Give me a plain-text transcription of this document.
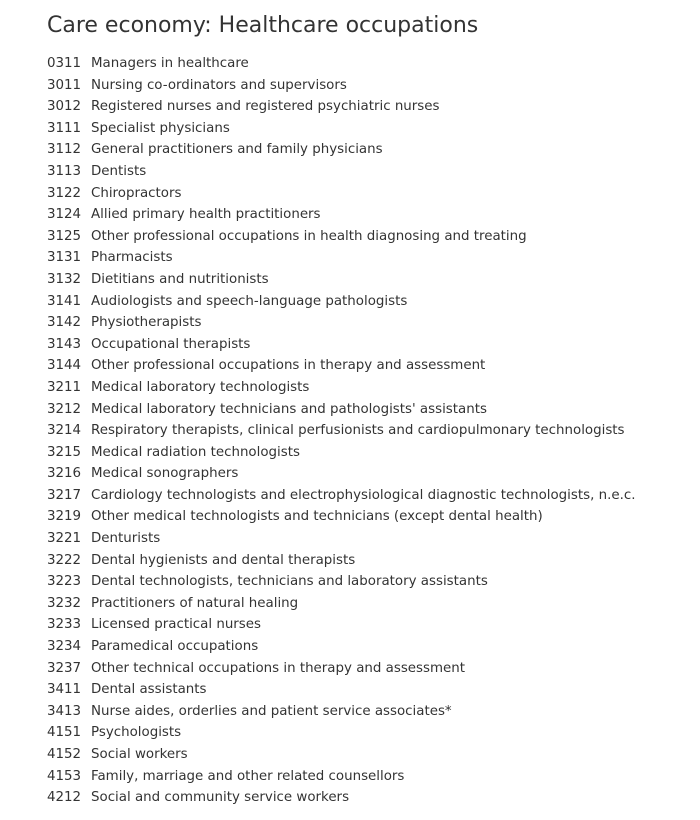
Care economy: Healthcare occupations
0311 Managers in healthcare
3011 Nursing co-ordinators and supervisors
3012 Registered nurses and registered psychiatric nurses
3111 Specialist physicians
3112 General practitioners and family physicians
3113 Dentists
3122 Chiropractors
3124 Allied primary health practitioners
3125 Other professional occupations in health diagnosing and treating
3131 Pharmacists
3132 Dietitians and nutritionists
3141 Audiologists and speech-language pathologists
3142 Physiotherapists
3143 Occupational therapists
3144 Other professional occupations in therapy and assessment
3211 Medical laboratory technologists
3212 Medical laboratory technicians and pathologists' assistants
3214 Respiratory therapists, clinical perfusionists and cardiopulmonary technologists
3215 Medical radiation technologists
3216 Medical sonographers
3217 Cardiology technologists and electrophysiological diagnostic technologists, n.e.c.
3219 Other medical technologists and technicians (except dental health)
3221 Denturists
3222 Dental hygienists and dental therapists
3223 Dental technologists, technicians and laboratory assistants
3232 Practitioners of natural healing
3233 Licensed practical nurses
3234 Paramedical occupations
3237 Other technical occupations in therapy and assessment
3411 Dental assistants
3413 Nurse aides, orderlies and patient service associates*
4151 Psychologists
4152 Social workers
4153 Family, marriage and other related counsellors
4212 Social and community service workers
